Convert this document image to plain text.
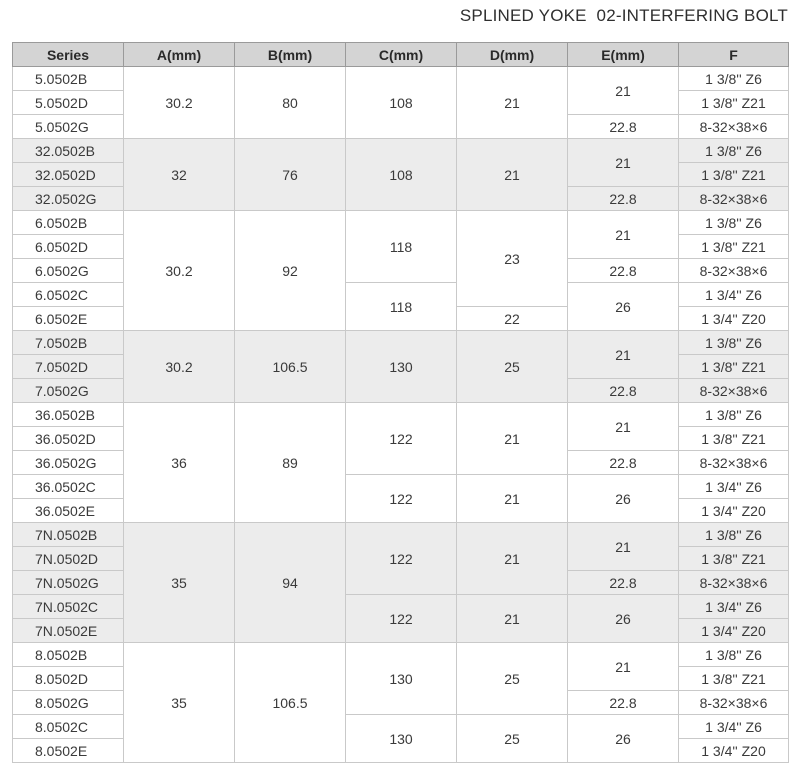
SPLINED YOKE  02-INTERFERING BOLT
Series	A(mm)	B(mm)	C(mm)	D(mm)	E(mm)	F
5.0502B	30.2	80	108	21	21	1 3/8'' Z6
5.0502D						1 3/8'' Z21
5.0502G					22.8	8-32×38×6
32.0502B	32	76	108	21	21	1 3/8'' Z6
32.0502D						1 3/8'' Z21
32.0502G					22.8	8-32×38×6
6.0502B	30.2	92	118	23	21	1 3/8'' Z6
6.0502D						1 3/8'' Z21
6.0502G					22.8	8-32×38×6
6.0502C			118		26	1 3/4'' Z6
6.0502E				22		1 3/4'' Z20
7.0502B	30.2	106.5	130	25	21	1 3/8'' Z6
7.0502D						1 3/8'' Z21
7.0502G					22.8	8-32×38×6
36.0502B	36	89	122	21	21	1 3/8'' Z6
36.0502D						1 3/8'' Z21
36.0502G					22.8	8-32×38×6
36.0502C			122	21	26	1 3/4'' Z6
36.0502E						1 3/4'' Z20
7N.0502B	35	94	122	21	21	1 3/8'' Z6
7N.0502D						1 3/8'' Z21
7N.0502G					22.8	8-32×38×6
7N.0502C			122	21	26	1 3/4'' Z6
7N.0502E						1 3/4'' Z20
8.0502B	35	106.5	130	25	21	1 3/8'' Z6
8.0502D						1 3/8'' Z21
8.0502G					22.8	8-32×38×6
8.0502C			130	25	26	1 3/4'' Z6
8.0502E						1 3/4'' Z20
